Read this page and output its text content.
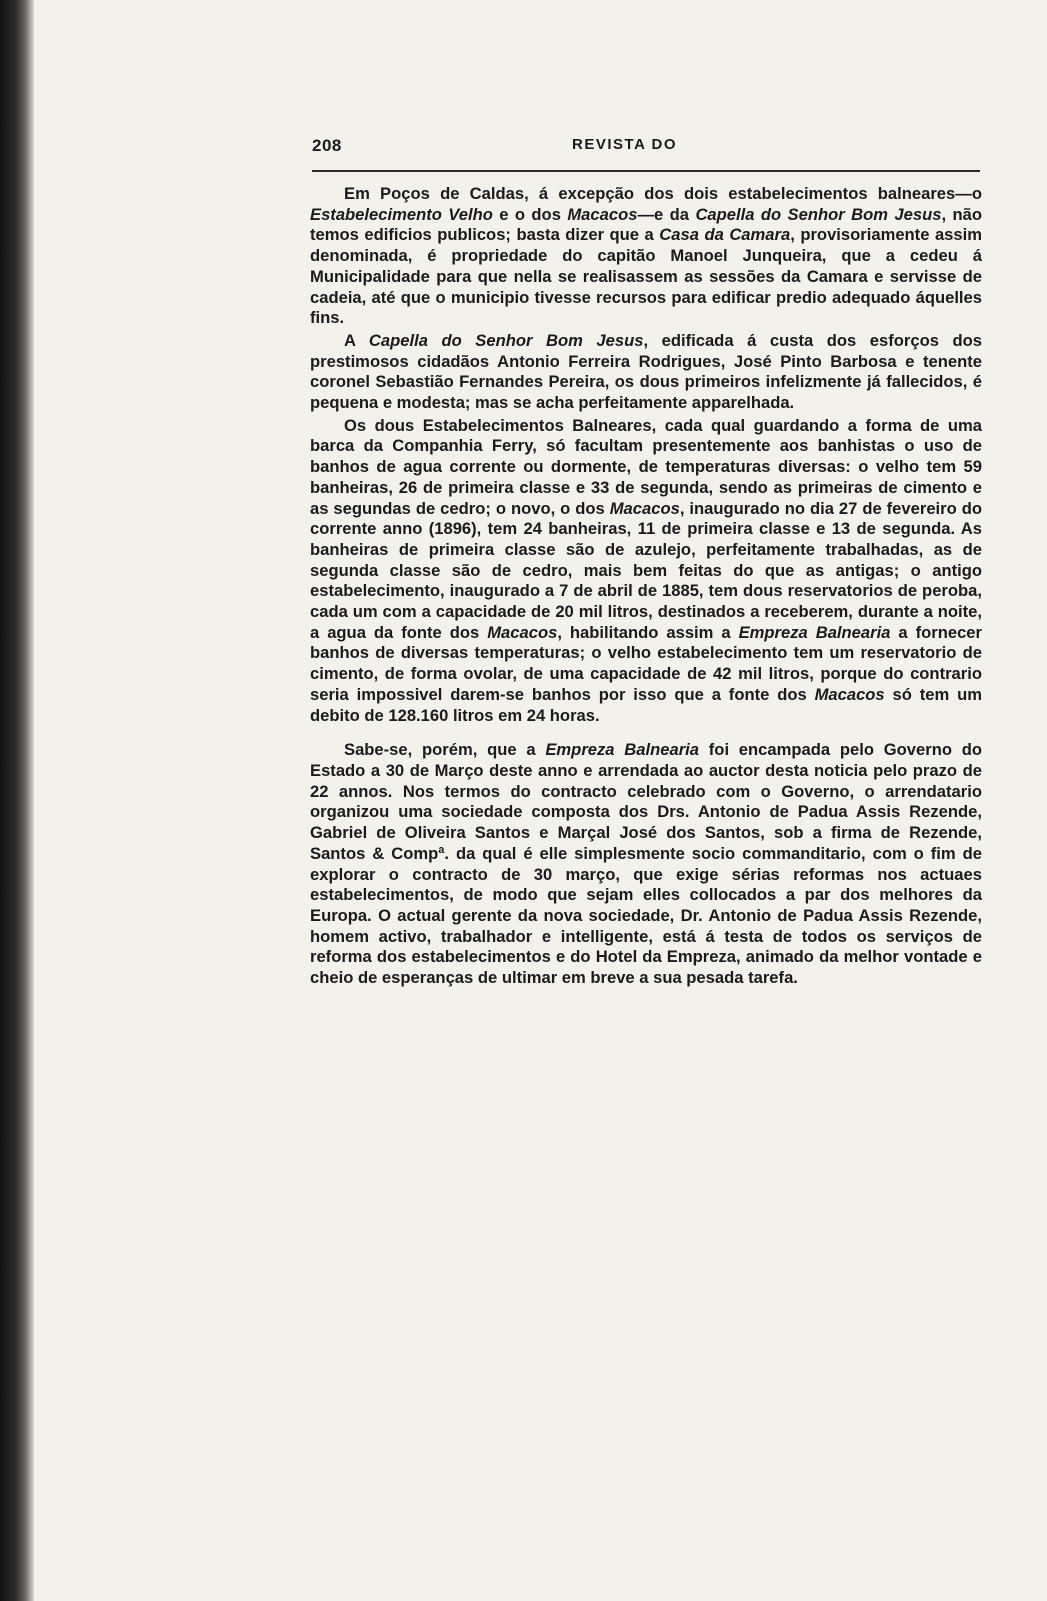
208	REVISTA DO

Em Poços de Caldas, á excepção dos dois estabelecimentos balneares—o Estabelecimento Velho e o dos Macacos—e da Capella do Senhor Bom Jesus, não temos edificios publicos; basta dizer que a Casa da Camara, provisoriamente assim denominada, é propriedade do capitão Manoel Junqueira, que a cedeu á Municipalidade para que nella se realisassem as sessões da Camara e servisse de cadeia, até que o municipio tivesse recursos para edificar predio adequado áquelles fins.

A Capella do Senhor Bom Jesus, edificada á custa dos esforços dos prestimosos cidadãos Antonio Ferreira Rodrigues, José Pinto Barbosa e tenente coronel Sebastião Fernandes Pereira, os dous primeiros infelizmente já fallecidos, é pequena e modesta; mas se acha perfeitamente apparelhada.

Os dous Estabelecimentos Balneares, cada qual guardando a forma de uma barca da Companhia Ferry, só facultam presentemente aos banhistas o uso de banhos de agua corrente ou dormente, de temperaturas diversas: o velho tem 59 banheiras, 26 de primeira classe e 33 de segunda, sendo as primeiras de cimento e as segundas de cedro; o novo, o dos Macacos, inaugurado no dia 27 de fevereiro do corrente anno (1896), tem 24 banheiras, 11 de primeira classe e 13 de segunda. As banheiras de primeira classe são de azulejo, perfeitamente trabalhadas, as de segunda classe são de cedro, mais bem feitas do que as antigas; o antigo estabelecimento, inaugurado a 7 de abril de 1885, tem dous reservatorios de peroba, cada um com a capacidade de 20 mil litros, destinados a receberem, durante a noite, a agua da fonte dos Macacos, habilitando assim a Empreza Balnearia a fornecer banhos de diversas temperaturas; o velho estabelecimento tem um reservatorio de cimento, de forma ovolar, de uma capacidade de 42 mil litros, porque do contrario seria impossivel darem-se banhos por isso que a fonte dos Macacos só tem um debito de 128.160 litros em 24 horas.

Sabe-se, porém, que a Empreza Balnearia foi encampada pelo Governo do Estado a 30 de Março deste anno e arrendada ao auctor desta noticia pelo prazo de 22 annos. Nos termos do contracto celebrado com o Governo, o arrendatario organizou uma sociedade composta dos Drs. Antonio de Padua Assis Rezende, Gabriel de Oliveira Santos e Marçal José dos Santos, sob a firma de Rezende, Santos & Compª. da qual é elle simplesmente socio commanditario, com o fim de explorar o contracto de 30 março, que exige sérias reformas nos actuaes estabelecimentos, de modo que sejam elles collocados a par dos melhores da Europa. O actual gerente da nova sociedade, Dr. Antonio de Padua Assis Rezende, homem activo, trabalhador e intelligente, está á testa de todos os serviços de reforma dos estabelecimentos e do Hotel da Empreza, animado da melhor vontade e cheio de esperanças de ultimar em breve a sua pesada tarefa.
